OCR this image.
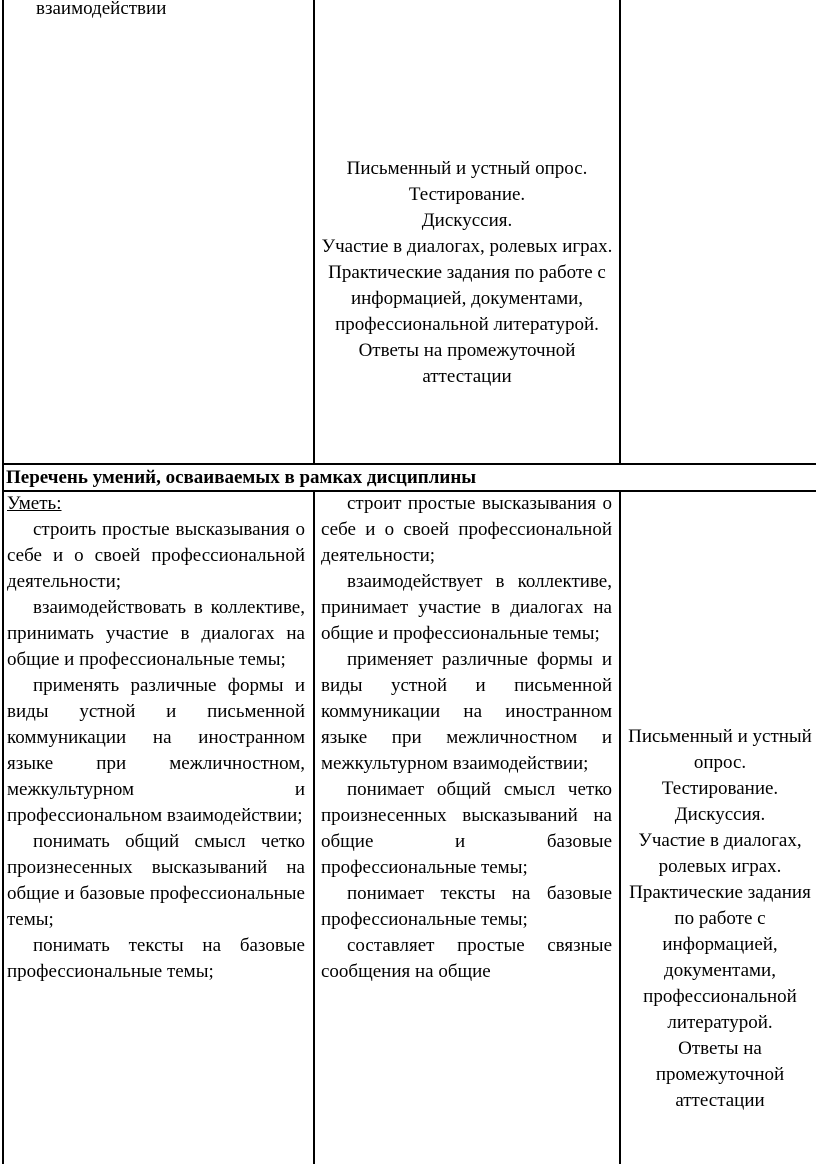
взаимодействии
Письменный и устный опрос.
Тестирование.
Дискуссия.
Участие в диалогах, ролевых играх.
Практические задания по работе с информацией, документами, профессиональной литературой.
Ответы на промежуточной аттестации
Перечень умений, осваиваемых в рамках дисциплины
Уметь:

строить простые высказывания о себе и о своей профессиональной деятельности;

взаимодействовать в коллективе, принимать участие в диалогах на общие и профессиональные темы;

применять различные формы и виды устной и письменной коммуникации на иностранном языке при межличностном, межкультурном и профессиональном взаимодействии;

понимать общий смысл четко произнесенных высказываний на общие и базовые профессиональные темы;

понимать тексты на базовые профессиональные темы;

строит простые высказывания о себе и о своей профессиональной деятельности;

взаимодействует в коллективе, принимает участие в диалогах на общие и профессиональные темы;

применяет различные формы и виды устной и письменной коммуникации на иностранном языке при межличностном и межкультурном взаимодействии;

понимает общий смысл четко произнесенных высказываний на общие и базовые профессиональные темы;

понимает тексты на базовые профессиональные темы;

составляет простые связные сообщения на общие

Письменный и устный опрос.
Тестирование.
Дискуссия.
Участие в диалогах, ролевых играх.
Практические задания по работе с информацией, документами, профессиональной литературой.
Ответы на промежуточной аттестации
